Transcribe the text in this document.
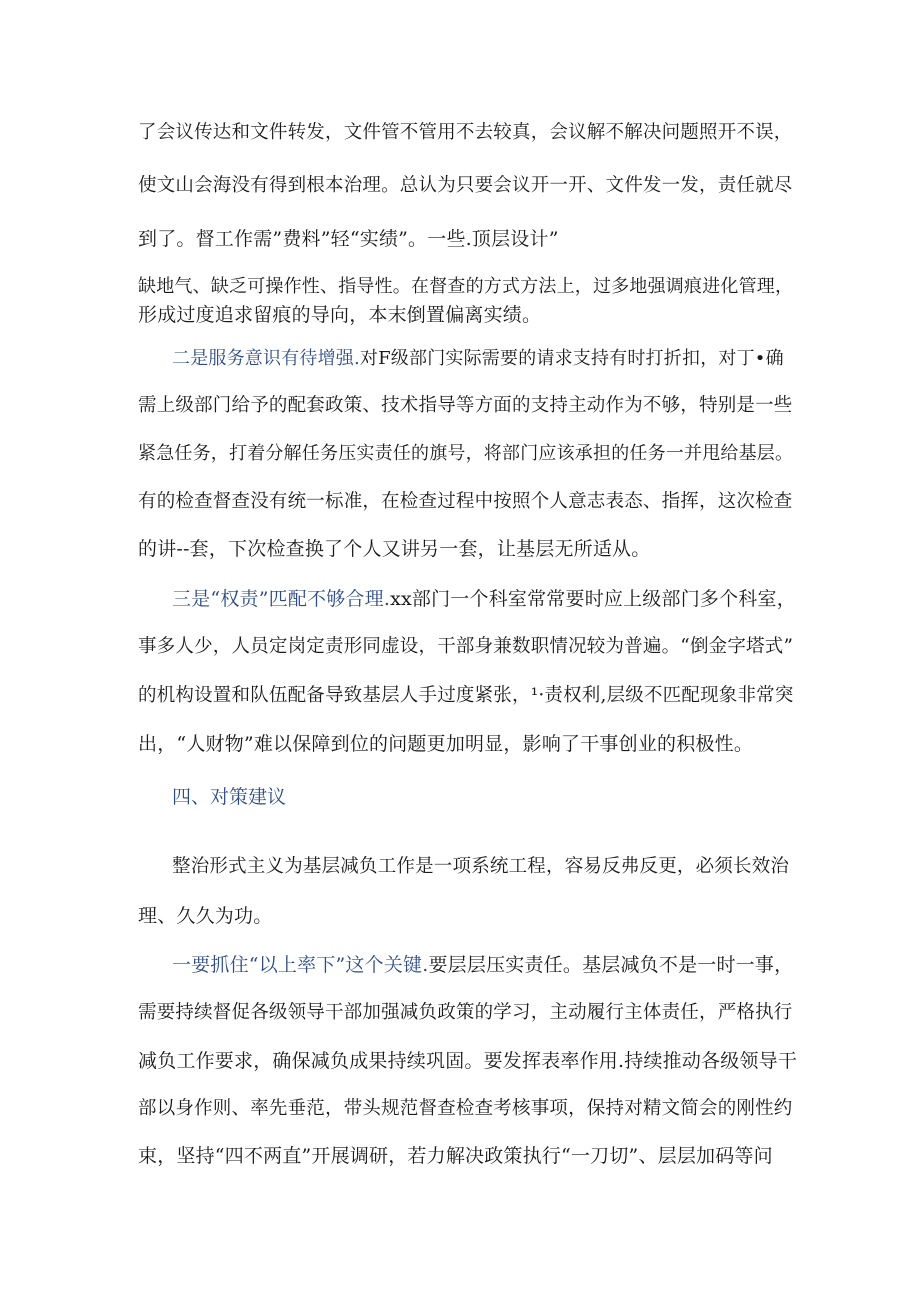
了会议传达和文件转发，文件管不管用不去较真，会议解不解决问题照开不误，
使文山会海没有得到根本治理。总认为只要会议开一开、文件发一发，责任就尽
到了。督工作需”费料”轻“实绩”。一些.顶层设计”
缺地气、缺乏可操作性、指导性。在督查的方式方法上，过多地强调痕进化管理，
形成过度追求留痕的导向，本末倒置偏离实绩。
二是服务意识有待增强.对F级部门实际需要的请求支持有时打折扣，对丁•确
需上级部门给予的配套政策、技术指导等方面的支持主动作为不够，特别是一些
紧急任务，打着分解任务压实责任的旗号，将部门应该承担的任务一并甩给基层。
有的检查督查没有统一标准，在检查过程中按照个人意志表态、指挥，这次检查
的讲--套，下次检查换了个人又讲另一套，让基层无所适从。
三是“权责”匹配不够合理.xx部门一个科室常常要时应上级部门多个科室，
事多人少，人员定岗定责形同虚设，干部身兼数职情况较为普遍。“倒金字塔式”
的机构设置和队伍配备导致基层人手过度紧张，¹·责权利,层级不匹配现象非常突
出，“人财物”难以保障到位的问题更加明显，影响了干事创业的积极性。
四、对策建议
整治形式主义为基层减负工作是一项系统工程，容易反弗反更，必须长效治
理、久久为功。
一要抓住“以上率下”这个关键.要层层压实责任。基层减负不是一时一事，
需要持续督促各级领导干部加强减负政策的学习，主动履行主体责任，严格执行
减负工作要求，确保减负成果持续巩固。要发挥表率作用.持续推动各级领导干
部以身作则、率先垂范，带头规范督查检查考核事项，保持对精文简会的刚性约
束，坚持“四不两直”开展调研，若力解决政策执行“一刀切”、层层加码等问
